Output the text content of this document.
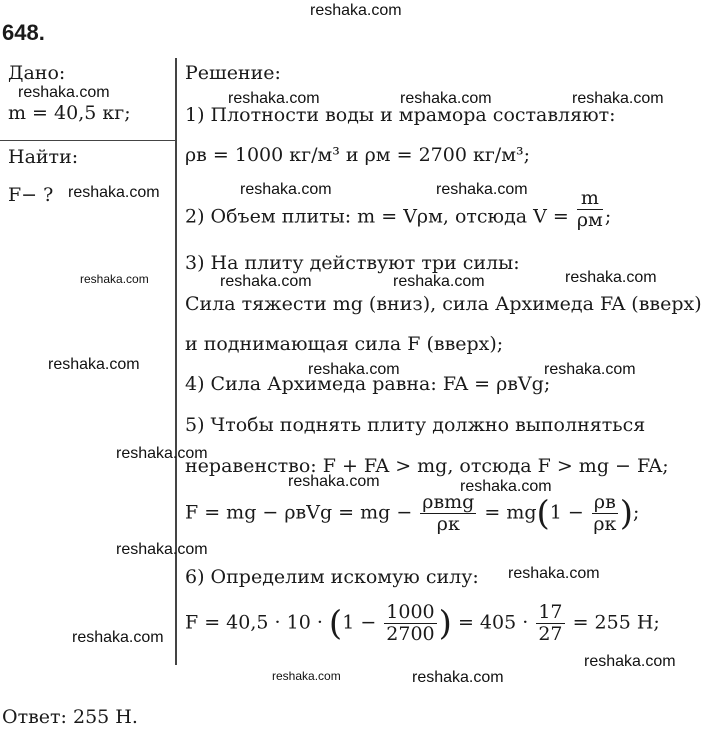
reshaka.com
648.
Дано:
m = 40,5 кг;
Найти:
F− ?
Решение:
1) Плотности воды и мрамора составляют:
ρв = 1000 кг/м³ и ρм = 2700 кг/м³;
2) Объем плиты: m = Vρм, отсюда $V = \frac{m}{\rho м}$ ;
3) На плиту действуют три силы:
Сила тяжести mg (вниз), сила Архимеда FA (вверх)
и поднимающая сила F (вверх);
4) Сила Архимеда равна: FA = ρвVg;
5) Чтобы поднять плиту должно выполняться
неравенство: F + FA > mg, отсюда F > mg − FA;
F = mg − ρвVg = mg − $\frac{\text{ρвmg}}{\rho к} = mg(1 - \frac{\rho в}{\rho к}$ );
6) Определим искомую силу:
$F = 40,5 \cdot 10 \cdot (1 - \frac{1000}{2700}$ ) = $405 \cdot \frac{17}{27} = 255$ Н;
Ответ: 255 Н.
reshaka.com	reshaka.com	reshaka.com	reshaka.com
reshaka.com	reshaka.com	reshaka.com
reshaka.com	reshaka.com	reshaka.com	reshaka.com
reshaka.com	reshaka.com	reshaka.com
reshaka.com
reshaka.com	reshaka.com
reshaka.com
reshaka.com
reshaka.com
reshaka.com
reshaka.com	reshaka.com
